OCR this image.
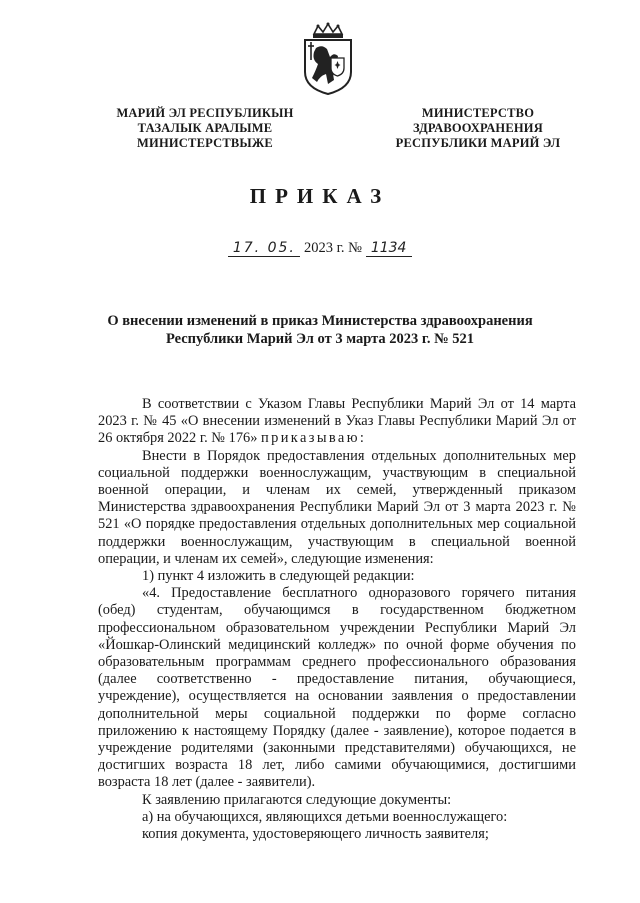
МАРИЙ ЭЛ РЕСПУБЛИКЫН
ТАЗАЛЫК АРАЛЫМЕ
МИНИСТЕРСТВЫЖЕ
МИНИСТЕРСТВО
ЗДРАВООХРАНЕНИЯ
РЕСПУБЛИКИ МАРИЙ ЭЛ
ПРИКАЗ
17. 05. 2023 г. № 1134
О внесении изменений в приказ Министерства здравоохранения
Республики Марий Эл от 3 марта 2023 г. № 521

В соответствии с Указом Главы Республики Марий Эл от 14 марта 2023 г. № 45 «О внесении изменений в Указ Главы Республики Марий Эл от 26 октября 2022 г. № 176» приказываю:

Внести в Порядок предоставления отдельных дополнительных мер социальной поддержки военнослужащим, участвующим в специальной военной операции, и членам их семей, утвержденный приказом Министерства здравоохранения Республики Марий Эл от 3 марта 2023 г. № 521 «О порядке предоставления отдельных дополнительных мер социальной поддержки военнослужащим, участвующим в специальной военной операции, и членам их семей», следующие изменения:

1) пункт 4 изложить в следующей редакции:

«4. Предоставление бесплатного одноразового горячего питания (обед) студентам, обучающимся в государственном бюджетном профессиональном образовательном учреждении Республики Марий Эл «Йошкар-Олинский медицинский колледж» по очной форме обучения по образовательным программам среднего профессионального образования (далее соответственно - предоставление питания, обучающиеся, учреждение), осуществляется на основании заявления о предоставлении дополнительной меры социальной поддержки по форме согласно приложению к настоящему Порядку (далее - заявление), которое подается в учреждение родителями (законными представителями) обучающихся, не достигших возраста 18 лет, либо самими обучающимися, достигшими возраста 18 лет (далее - заявители).

К заявлению прилагаются следующие документы:

а) на обучающихся, являющихся детьми военнослужащего:

копия документа, удостоверяющего личность заявителя;
